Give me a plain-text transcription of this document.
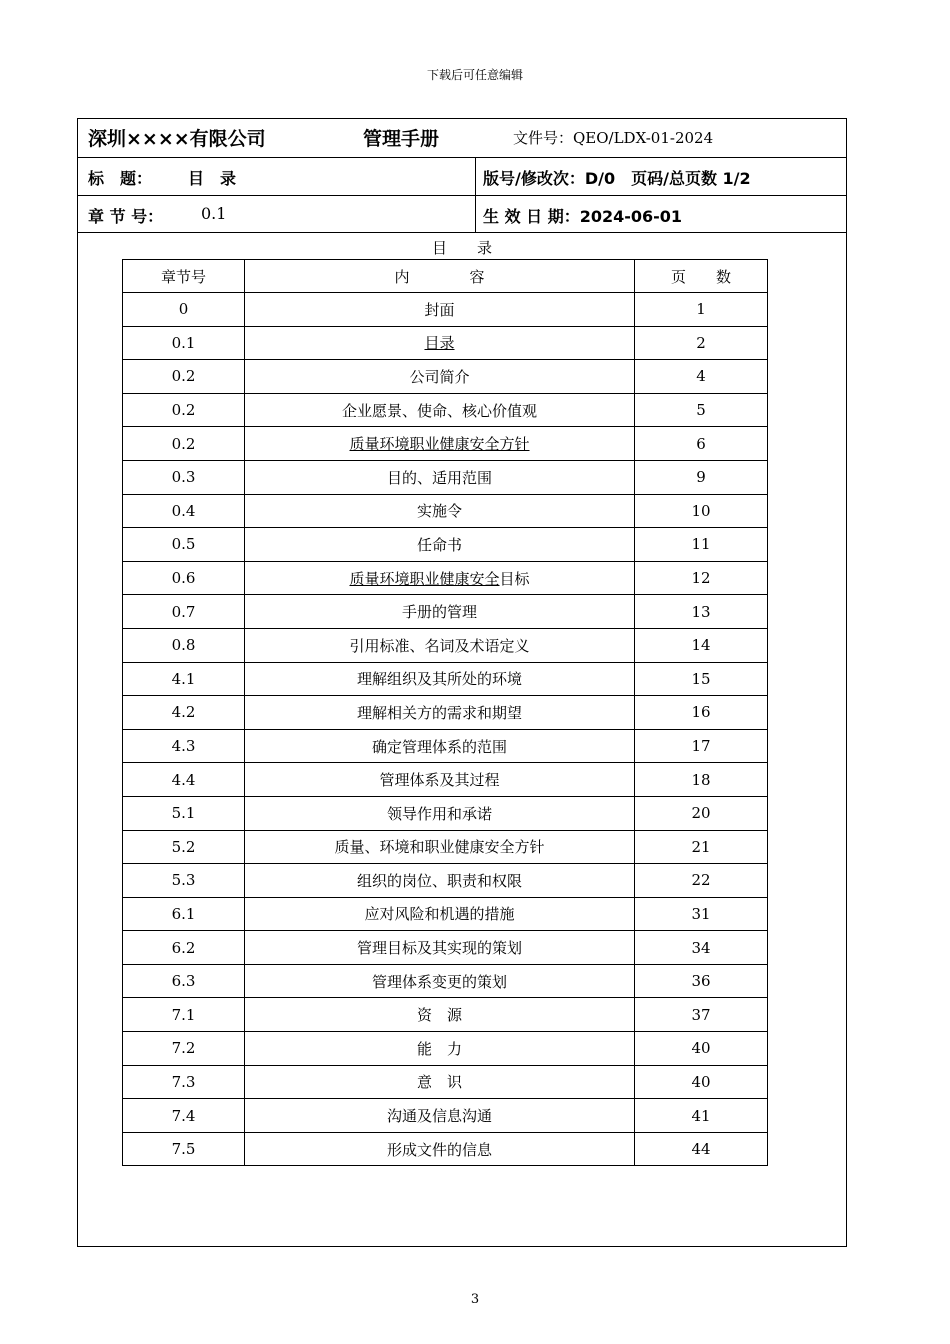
下载后可任意编辑
深圳××××有限公司	管理手册	文件号：QEO/LDX-01-2024
标　题： 目　录	版号/修改次：D/0　页码/总页数 1/2
章 节 号： 0.1	生 效 日 期：2024-06-01
目　　录
章节号	内　　　　容	页　　数
0	封面	1
0.1	目录	2
0.2	公司简介	4
0.2	企业愿景、使命、核心价值观	5
0.2	质量环境职业健康安全方针	6
0.3	目的、适用范围	9
0.4	实施令	10
0.5	任命书	11
0.6	质量环境职业健康安全目标	12
0.7	手册的管理	13
0.8	引用标准、名词及术语定义	14
4.1	理解组织及其所处的环境	15
4.2	理解相关方的需求和期望	16
4.3	确定管理体系的范围	17
4.4	管理体系及其过程	18
5.1	领导作用和承诺	20
5.2	质量、环境和职业健康安全方针	21
5.3	组织的岗位、职责和权限	22
6.1	应对风险和机遇的措施	31
6.2	管理目标及其实现的策划	34
6.3	管理体系变更的策划	36
7.1	资　源	37
7.2	能　力	40
7.3	意　识	40
7.4	沟通及信息沟通	41
7.5	形成文件的信息	44
3
